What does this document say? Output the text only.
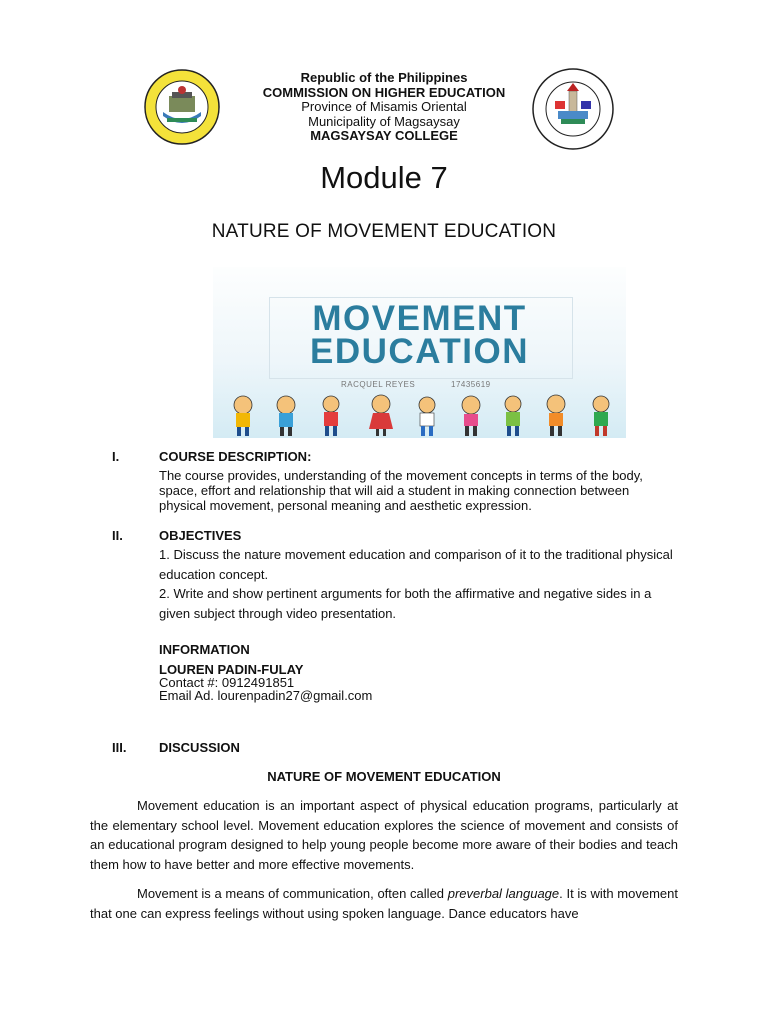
Republic of the Philippines
COMMISSION ON HIGHER EDUCATION
Province of Misamis Oriental
Municipality of Magsaysay
MAGSAYSAY COLLEGE
Module 7
NATURE OF MOVEMENT EDUCATION
MOVEMENT
EDUCATION
RACQUEL REYES	17435619
I.	COURSE DESCRIPTION:
The course provides, understanding of the movement concepts in terms of the body, space, effort and relationship that will aid a student in making connection between physical movement, personal meaning and aesthetic expression.
II.	OBJECTIVES
1. Discuss the nature movement education and comparison of it to the traditional physical education concept.
2. Write and show pertinent arguments for both the affirmative and negative sides in a given subject through video presentation.
INFORMATION
LOUREN PADIN-FULAY
Contact #: 0912491851
Email Ad. lourenpadin27@gmail.com
III.	DISCUSSION
NATURE OF MOVEMENT EDUCATION
Movement education is an important aspect of physical education programs, particularly at the elementary school level. Movement education explores the science of movement and consists of an educational program designed to help young people become more aware of their bodies and teach them how to have better and more effective movements.
Movement is a means of communication, often called preverbal language. It is with movement that one can express feelings without using spoken language. Dance educators have
